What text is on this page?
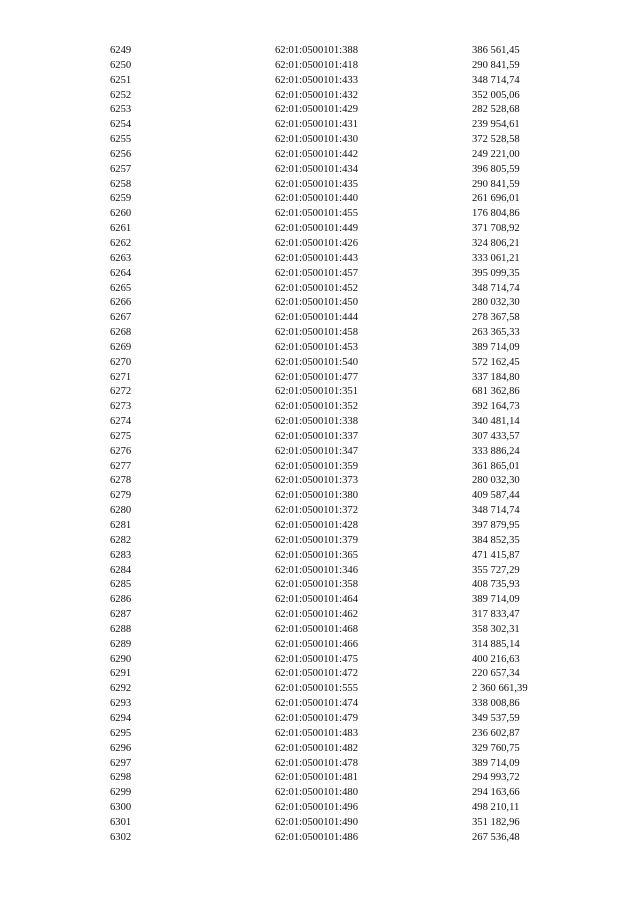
6249	62:01:0500101:388	386 561,45
6250	62:01:0500101:418	290 841,59
6251	62:01:0500101:433	348 714,74
6252	62:01:0500101:432	352 005,06
6253	62:01:0500101:429	282 528,68
6254	62:01:0500101:431	239 954,61
6255	62:01:0500101:430	372 528,58
6256	62:01:0500101:442	249 221,00
6257	62:01:0500101:434	396 805,59
6258	62:01:0500101:435	290 841,59
6259	62:01:0500101:440	261 696,01
6260	62:01:0500101:455	176 804,86
6261	62:01:0500101:449	371 708,92
6262	62:01:0500101:426	324 806,21
6263	62:01:0500101:443	333 061,21
6264	62:01:0500101:457	395 099,35
6265	62:01:0500101:452	348 714,74
6266	62:01:0500101:450	280 032,30
6267	62:01:0500101:444	278 367,58
6268	62:01:0500101:458	263 365,33
6269	62:01:0500101:453	389 714,09
6270	62:01:0500101:540	572 162,45
6271	62:01:0500101:477	337 184,80
6272	62:01:0500101:351	681 362,86
6273	62:01:0500101:352	392 164,73
6274	62:01:0500101:338	340 481,14
6275	62:01:0500101:337	307 433,57
6276	62:01:0500101:347	333 886,24
6277	62:01:0500101:359	361 865,01
6278	62:01:0500101:373	280 032,30
6279	62:01:0500101:380	409 587,44
6280	62:01:0500101:372	348 714,74
6281	62:01:0500101:428	397 879,95
6282	62:01:0500101:379	384 852,35
6283	62:01:0500101:365	471 415,87
6284	62:01:0500101:346	355 727,29
6285	62:01:0500101:358	408 735,93
6286	62:01:0500101:464	389 714,09
6287	62:01:0500101:462	317 833,47
6288	62:01:0500101:468	358 302,31
6289	62:01:0500101:466	314 885,14
6290	62:01:0500101:475	400 216,63
6291	62:01:0500101:472	220 657,34
6292	62:01:0500101:555	2 360 661,39
6293	62:01:0500101:474	338 008,86
6294	62:01:0500101:479	349 537,59
6295	62:01:0500101:483	236 602,87
6296	62:01:0500101:482	329 760,75
6297	62:01:0500101:478	389 714,09
6298	62:01:0500101:481	294 993,72
6299	62:01:0500101:480	294 163,66
6300	62:01:0500101:496	498 210,11
6301	62:01:0500101:490	351 182,96
6302	62:01:0500101:486	267 536,48
